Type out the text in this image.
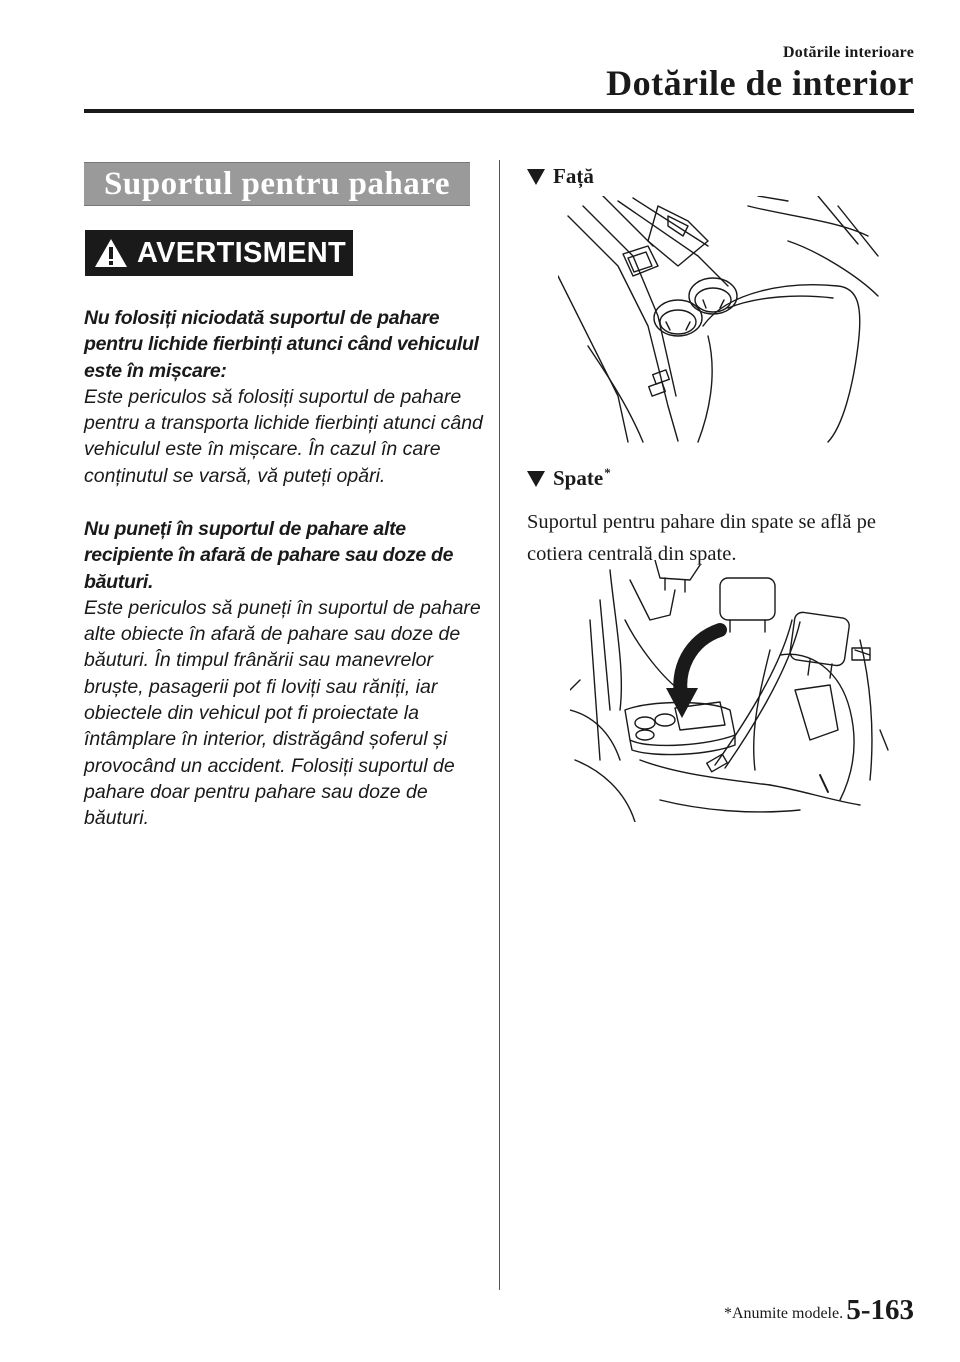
Dotările interioare
Dotările de interior
Suportul pentru pahare
AVERTISMENT

Nu folosiți niciodată suportul de pahare pentru lichide fierbinți atunci când vehiculul este în mișcare:

Este periculos să folosiți suportul de pahare pentru a transporta lichide fierbinți atunci când vehiculul este în mișcare. În cazul în care conținutul se varsă, vă puteți opări.

Nu puneți în suportul de pahare alte recipiente în afară de pahare sau doze de băuturi.

Este periculos să puneți în suportul de pahare alte obiecte în afară de pahare sau doze de băuturi. În timpul frânării sau manevrelor bruște, pasagerii pot fi loviți sau răniți, iar obiectele din vehicul pot fi proiectate la întâmplare în interior, distrăgând șoferul și provocând un accident. Folosiți suportul de pahare doar pentru pahare sau doze de băuturi.

Față
Spate*
Suportul pentru pahare din spate se află pe cotiera centrală din spate.
*Anumite modele. 5-163
